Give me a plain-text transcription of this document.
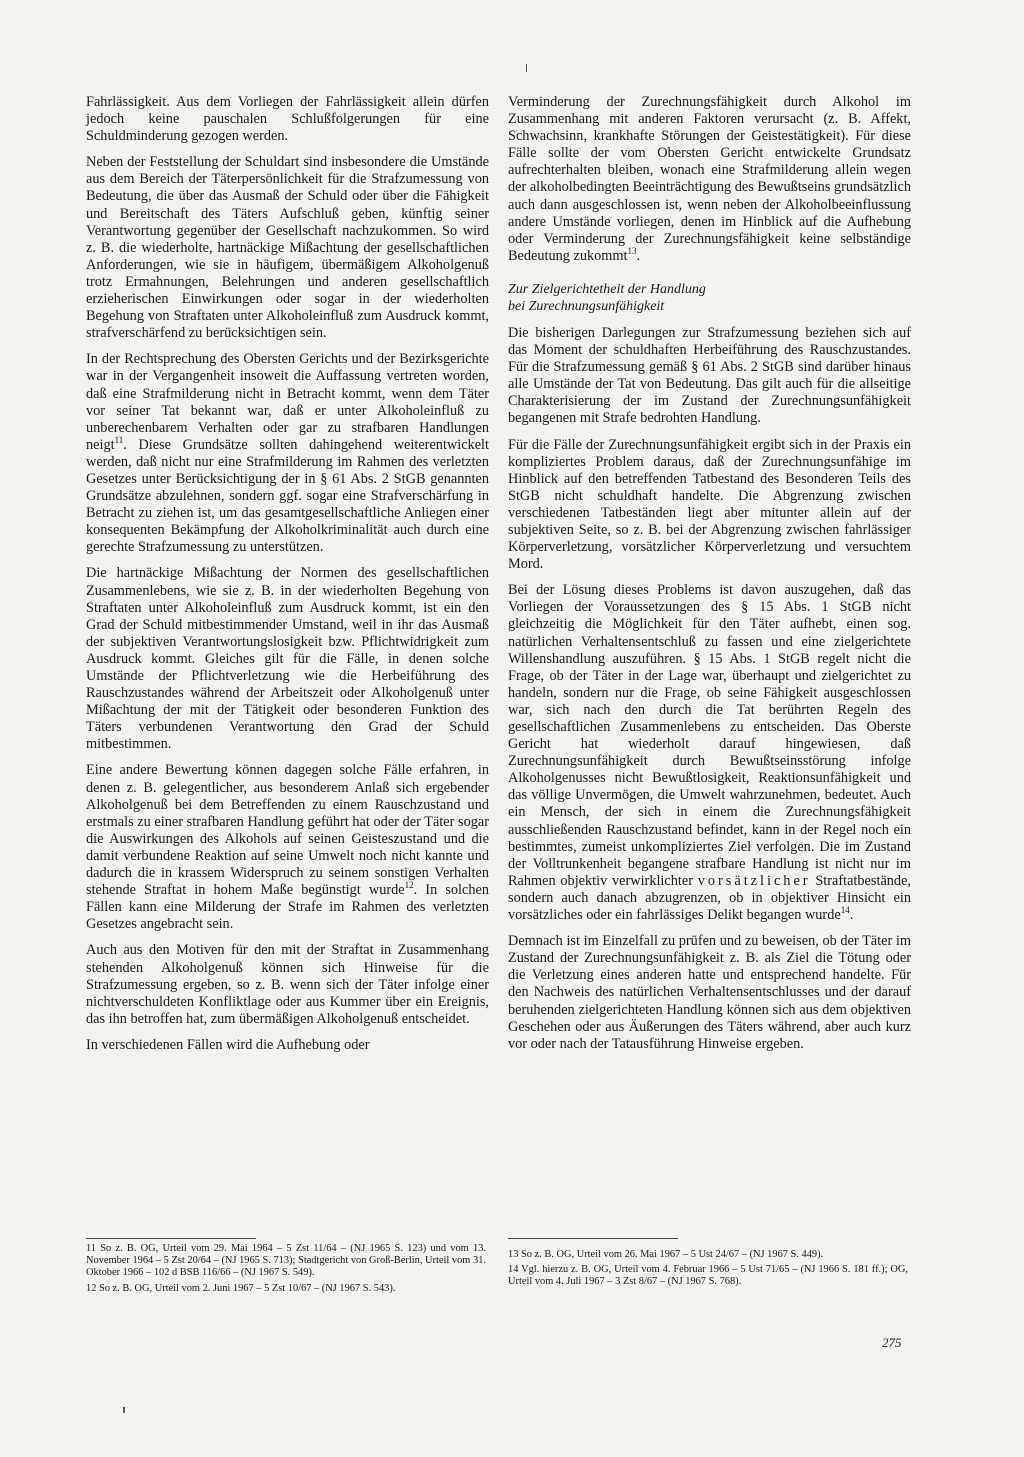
Fahrlässigkeit. Aus dem Vorliegen der Fahrlässigkeit allein dürfen jedoch keine pauschalen Schlußfolgerungen für eine Schuldminderung gezogen werden.

Neben der Feststellung der Schuldart sind insbesondere die Umstände aus dem Bereich der Täterpersönlichkeit für die Strafzumessung von Bedeutung, die über das Ausmaß der Schuld oder über die Fähigkeit und Bereitschaft des Täters Aufschluß geben, künftig seiner Verantwortung gegenüber der Gesellschaft nachzukommen. So wird z. B. die wiederholte, hartnäckige Mißachtung der gesellschaftlichen Anforderungen, wie sie in häufigem, übermäßigem Alkoholgenuß trotz Ermahnungen, Belehrungen und anderen gesellschaftlich erzieherischen Einwirkungen oder sogar in der wiederholten Begehung von Straftaten unter Alkoholeinfluß zum Ausdruck kommt, strafverschärfend zu berücksichtigen sein.

In der Rechtsprechung des Obersten Gerichts und der Bezirksgerichte war in der Vergangenheit insoweit die Auffassung vertreten worden, daß eine Strafmilderung nicht in Betracht kommt, wenn dem Täter vor seiner Tat bekannt war, daß er unter Alkoholeinfluß zu unberechenbarem Verhalten oder gar zu strafbaren Handlungen neigt$^{11}$. Diese Grundsätze sollten dahingehend weiterentwickelt werden, daß nicht nur eine Strafmilderung im Rahmen des verletzten Gesetzes unter Berücksichtigung der in § 61 Abs. 2 StGB genannten Grundsätze abzulehnen, sondern ggf. sogar eine Strafverschärfung in Betracht zu ziehen ist, um das gesamtgesellschaftliche Anliegen einer konsequenten Bekämpfung der Alkoholkriminalität auch durch eine gerechte Strafzumessung zu unterstützen.

Die hartnäckige Mißachtung der Normen des gesellschaftlichen Zusammenlebens, wie sie z. B. in der wiederholten Begehung von Straftaten unter Alkoholeinfluß zum Ausdruck kommt, ist ein den Grad der Schuld mitbestimmender Umstand, weil in ihr das Ausmaß der subjektiven Verantwortungslosigkeit bzw. Pflichtwidrigkeit zum Ausdruck kommt. Gleiches gilt für die Fälle, in denen solche Umstände der Pflichtverletzung wie die Herbeiführung des Rauschzustandes während der Arbeitszeit oder Alkoholgenuß unter Mißachtung der mit der Tätigkeit oder besonderen Funktion des Täters verbundenen Verantwortung den Grad der Schuld mitbestimmen.

Eine andere Bewertung können dagegen solche Fälle erfahren, in denen z. B. gelegentlicher, aus besonderem Anlaß sich ergebender Alkoholgenuß bei dem Betreffenden zu einem Rauschzustand und erstmals zu einer strafbaren Handlung geführt hat oder der Täter sogar die Auswirkungen des Alkohols auf seinen Geisteszustand und die damit verbundene Reaktion auf seine Umwelt noch nicht kannte und dadurch die in krassem Widerspruch zu seinem sonstigen Verhalten stehende Straftat in hohem Maße begünstigt wurde$^{12}$. In solchen Fällen kann eine Milderung der Strafe im Rahmen des verletzten Gesetzes angebracht sein.

Auch aus den Motiven für den mit der Straftat in Zusammenhang stehenden Alkoholgenuß können sich Hinweise für die Strafzumessung ergeben, so z. B. wenn sich der Täter infolge einer nichtverschuldeten Konfliktlage oder aus Kummer über ein Ereignis, das ihn betroffen hat, zum übermäßigen Alkoholgenuß entscheidet.

In verschiedenen Fällen wird die Aufhebung oder

Verminderung der Zurechnungsfähigkeit durch Alkohol im Zusammenhang mit anderen Faktoren verursacht (z. B. Affekt, Schwachsinn, krankhafte Störungen der Geistestätigkeit). Für diese Fälle sollte der vom Obersten Gericht entwickelte Grundsatz aufrechterhalten bleiben, wonach eine Strafmilderung allein wegen der alkoholbedingten Beeinträchtigung des Bewußtseins grundsätzlich auch dann ausgeschlossen ist, wenn neben der Alkoholbeeinflussung andere Umstände vorliegen, denen im Hinblick auf die Aufhebung oder Verminderung der Zurechnungsfähigkeit keine selbständige Bedeutung zukommt$^{13}$.

Zur Zielgerichtetheit der Handlung
bei Zurechnungsunfähigkeit

Die bisherigen Darlegungen zur Strafzumessung beziehen sich auf das Moment der schuldhaften Herbeiführung des Rauschzustandes. Für die Strafzumessung gemäß § 61 Abs. 2 StGB sind darüber hinaus alle Umstände der Tat von Bedeutung. Das gilt auch für die allseitige Charakterisierung der im Zustand der Zurechnungsunfähigkeit begangenen mit Strafe bedrohten Handlung.

Für die Fälle der Zurechnungsunfähigkeit ergibt sich in der Praxis ein kompliziertes Problem daraus, daß der Zurechnungsunfähige im Hinblick auf den betreffenden Tatbestand des Besonderen Teils des StGB nicht schuldhaft handelte. Die Abgrenzung zwischen verschiedenen Tatbeständen liegt aber mitunter allein auf der subjektiven Seite, so z. B. bei der Abgrenzung zwischen fahrlässiger Körperverletzung, vorsätzlicher Körperverletzung und versuchtem Mord.

Bei der Lösung dieses Problems ist davon auszugehen, daß das Vorliegen der Voraussetzungen des § 15 Abs. 1 StGB nicht gleichzeitig die Möglichkeit für den Täter aufhebt, einen sog. natürlichen Verhaltensentschluß zu fassen und eine zielgerichtete Willenshandlung auszuführen. § 15 Abs. 1 StGB regelt nicht die Frage, ob der Täter in der Lage war, überhaupt und zielgerichtet zu handeln, sondern nur die Frage, ob seine Fähigkeit ausgeschlossen war, sich nach den durch die Tat berührten Regeln des gesellschaftlichen Zusammenlebens zu entscheiden. Das Oberste Gericht hat wiederholt darauf hingewiesen, daß Zurechnungsunfähigkeit durch Bewußtseinsstörung infolge Alkoholgenusses nicht Bewußtlosigkeit, Reaktionsunfähigkeit und das völlige Unvermögen, die Umwelt wahrzunehmen, bedeutet. Auch ein Mensch, der sich in einem die Zurechnungsfähigkeit ausschließenden Rauschzustand befindet, kann in der Regel noch ein bestimmtes, zumeist unkompliziertes Ziel verfolgen. Die im Zustand der Volltrunkenheit begangene strafbare Handlung ist nicht nur im Rahmen objektiv verwirklichter vorsätzlicher Straftatbestände, sondern auch danach abzugrenzen, ob in objektiver Hinsicht ein vorsätzliches oder ein fahrlässiges Delikt begangen wurde$^{14}$.

Demnach ist im Einzelfall zu prüfen und zu beweisen, ob der Täter im Zustand der Zurechnungsunfähigkeit z. B. als Ziel die Tötung oder die Verletzung eines anderen hatte und entsprechend handelte. Für den Nachweis des natürlichen Verhaltensentschlusses und der darauf beruhenden zielgerichteten Handlung können sich aus dem objektiven Geschehen oder aus Äußerungen des Täters während, aber auch kurz vor oder nach der Tatausführung Hinweise ergeben.

11 So z. B. OG, Urteil vom 29. Mai 1964 – 5 Zst 11/64 – (NJ 1965 S. 123) und vom 13. November 1964 – 5 Zst 20/64 – (NJ 1965 S. 713); Stadtgericht von Groß-Berlin, Urteil vom 31. Oktober 1966 – 102 d BSB 116/66 – (NJ 1967 S. 549).

12 So z. B. OG, Urteil vom 2. Juni 1967 – 5 Zst 10/67 – (NJ 1967 S. 543).

13 So z. B. OG, Urteil vom 26. Mai 1967 – 5 Ust 24/67 – (NJ 1967 S. 449).

14 Vgl. hierzu z. B. OG, Urteil vom 4. Februar 1966 – 5 Ust 71/65 – (NJ 1966 S. 181 ff.); OG, Urteil vom 4. Juli 1967 – 3 Zst 8/67 – (NJ 1967 S. 768).

275
